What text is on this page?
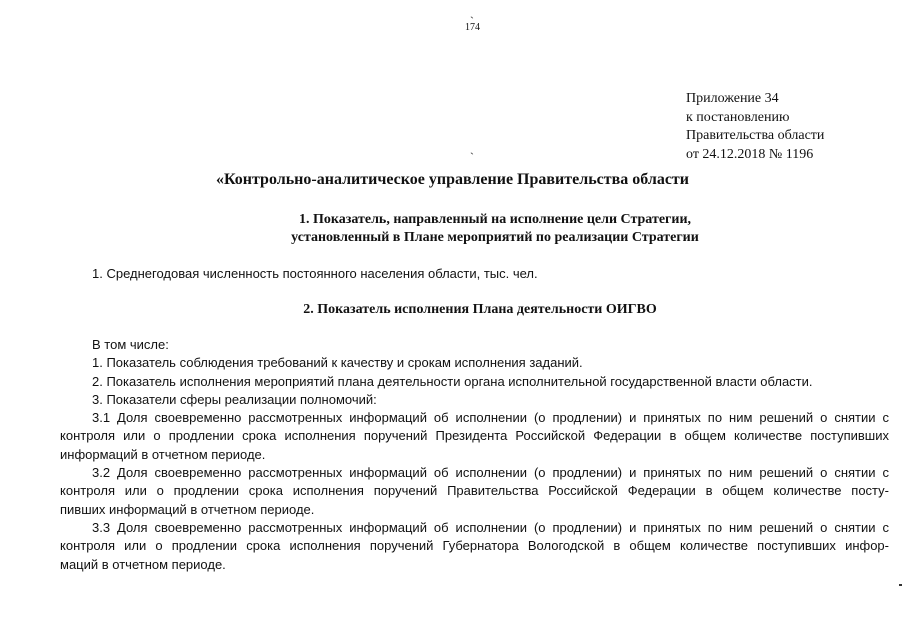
ˎ
ˎ
174
Приложение 34
к постановлению
Правительства области
от 24.12.2018 № 1196
«Контрольно-аналитическое управление Правительства области
1. Показатель, направленный на исполнение цели Стратегии,
установленный в Плане мероприятий по реализации Стратегии
1. Среднегодовая численность постоянного населения области, тыс. чел.
2. Показатель исполнения Плана деятельности ОИГВО
В том числе:
1. Показатель соблюдения требований к качеству и срокам исполнения заданий.
2. Показатель исполнения мероприятий плана деятельности органа исполнительной государственной власти области.
3. Показатели сферы реализации полномочий:
3.1 Доля своевременно рассмотренных информаций об исполнении (о продлении) и принятых по ним решений о снятии с
контроля или о продлении срока исполнения поручений Президента Российской Федерации в общем количестве поступивших
информаций в отчетном периоде.
3.2 Доля своевременно рассмотренных информаций об исполнении (о продлении) и принятых по ним решений о снятии с
контроля или о продлении срока исполнения поручений Правительства Российской Федерации в общем количестве посту-
пивших информаций в отчетном периоде.
3.3 Доля своевременно рассмотренных информаций об исполнении (о продлении) и принятых по ним решений о снятии с
контроля или о продлении срока исполнения поручений Губернатора Вологодской в общем количестве поступивших инфор-
маций в отчетном периоде.
